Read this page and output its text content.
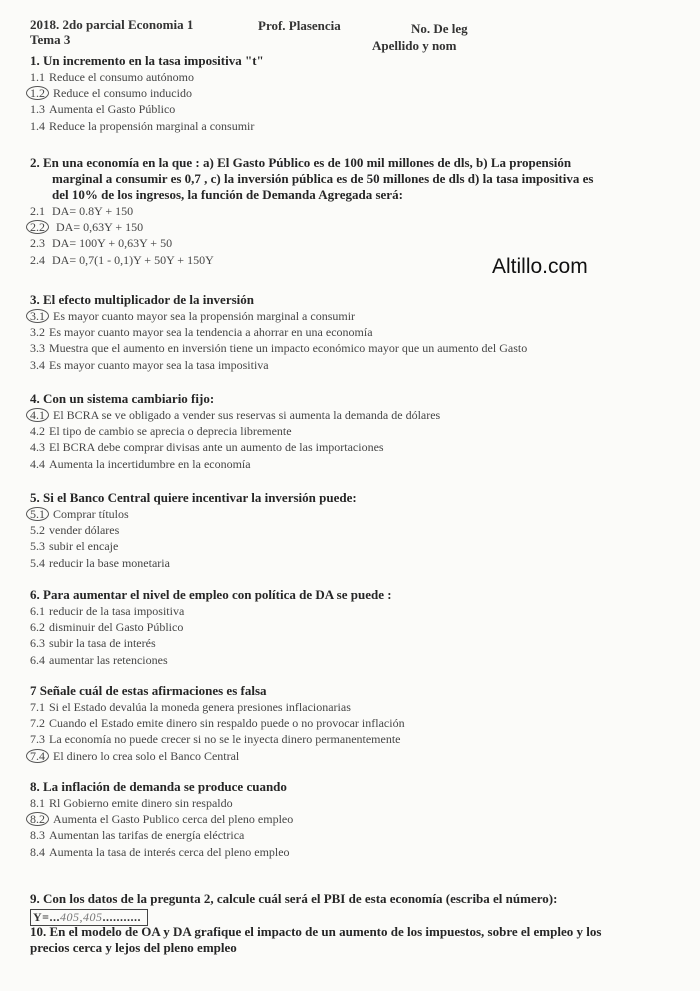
2018. 2do parcial Economia 1	Prof. Plasencia	No. De leg
Tema 3	Apellido y nom
Altillo.com
1. Un incremento en la tasa impositiva "t"
1.1 Reduce el consumo autónomo
1.2 Reduce el consumo inducido
1.3 Aumenta el Gasto Público
1.4 Reduce la propensión marginal a consumir
2. En una economía en la que : a) El Gasto Público es de 100 mil millones de dls, b) La propensión
marginal a consumir es 0,7 , c) la inversión pública es de 50 millones de dls d) la tasa impositiva es
del 10% de los ingresos, la función de Demanda Agregada será:
2.1 DA= 0.8Y + 150
2.2 DA= 0,63Y + 150
2.3 DA= 100Y + 0,63Y + 50
2.4 DA= 0,7(1 - 0,1)Y + 50Y + 150Y
3. El efecto multiplicador de la inversión
3.1 Es mayor cuanto mayor sea la propensión marginal a consumir
3.2 Es mayor cuanto mayor sea la tendencia a ahorrar en una economía
3.3 Muestra que el aumento en inversión tiene un impacto económico mayor que un aumento del Gasto
3.4 Es mayor cuanto mayor sea la tasa impositiva
4. Con un sistema cambiario fijo:
4.1 El BCRA se ve obligado a vender sus reservas si aumenta la demanda de dólares
4.2 El tipo de cambio se aprecia o deprecia libremente
4.3 El BCRA debe comprar divisas ante un aumento de las importaciones
4.4 Aumenta la incertidumbre en la economía
5. Si el Banco Central quiere incentivar la inversión puede:
5.1 Comprar títulos
5.2 vender dólares
5.3 subir el encaje
5.4 reducir la base monetaria
6. Para aumentar el nivel de empleo con política de DA se puede :
6.1 reducir de la tasa impositiva
6.2 disminuir del Gasto Público
6.3 subir la tasa de interés
6.4 aumentar las retenciones
7 Señale cuál de estas afirmaciones es falsa
7.1 Si el Estado devalúa la moneda genera presiones inflacionarias
7.2 Cuando el Estado emite dinero sin respaldo puede o no provocar inflación
7.3 La economía no puede crecer si no se le inyecta dinero permanentemente
7.4 El dinero lo crea solo el Banco Central
8. La inflación de demanda se produce cuando
8.1 Rl Gobierno emite dinero sin respaldo
8.2 Aumenta el Gasto Publico cerca del pleno empleo
8.3 Aumentan las tarifas de energía eléctrica
8.4 Aumenta la tasa de interés cerca del pleno empleo
9. Con los datos de la pregunta 2, calcule cuál será el PBI de esta economía (escriba el número):
Y=...405,405...........
10. En el modelo de OA y DA grafique el impacto de un aumento de los impuestos, sobre el empleo y los
precios cerca y lejos del pleno empleo
